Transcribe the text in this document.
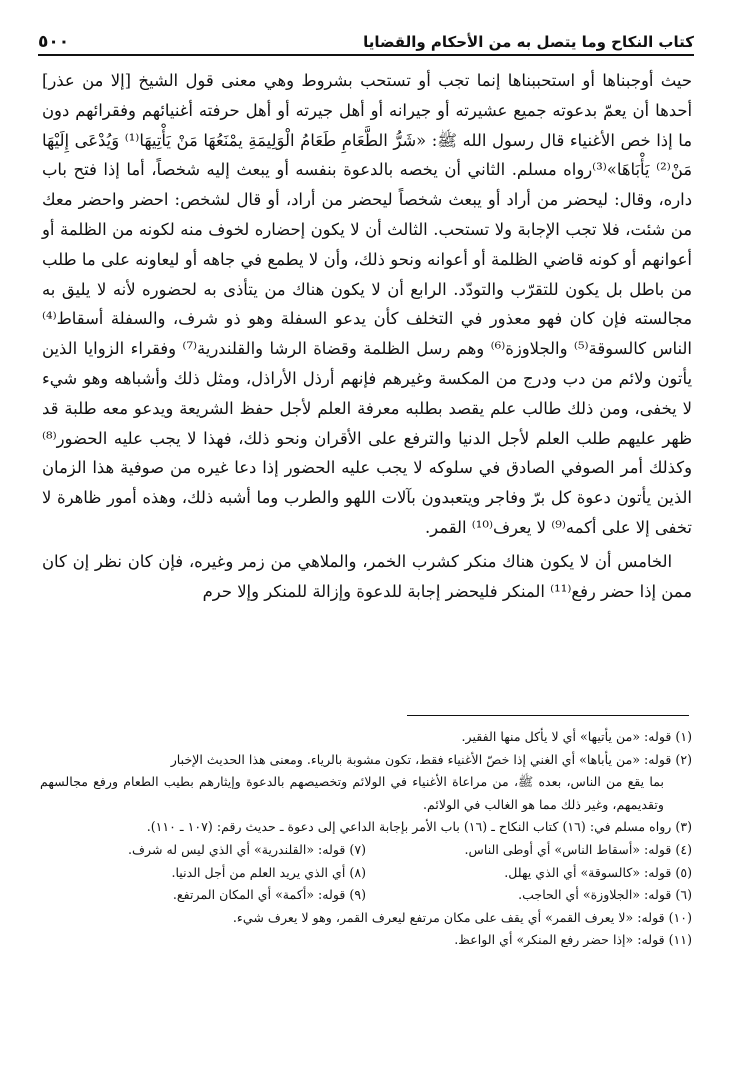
٥٠٠	كتاب النكاح وما يتصل به من الأحكام والقضايا

حيث أوجبناها أو استحببناها إنما تجب أو تستحب بشروط وهي معنى قول الشيخ [إلا من عذر] أحدها أن يعمّ بدعوته جميع عشيرته أو جيرانه أو أهل جيرته أو أهل حرفته أغنيائهم وفقرائهم دون ما إذا خص الأغنياء قال رسول الله ﷺ: «شَرُّ الطَّعَامِ طَعَامُ الْوَلِيمَةِ يمْنَعُهَا مَنْ يَأْتِيهَا⁽¹⁾ وَيُدْعَى إِلَيْهَا مَنْ⁽²⁾ يَأْبَاهَا»⁽³⁾رواه مسلم. الثاني أن يخصه بالدعوة بنفسه أو يبعث إليه شخصاً، أما إذا فتح باب داره، وقال: ليحضر من أراد أو يبعث شخصاً ليحضر من أراد، أو قال لشخص: احضر واحضر معك من شئت، فلا تجب الإجابة ولا تستحب. الثالث أن لا يكون إحضاره لخوف منه لكونه من الظلمة أو أعوانهم أو كونه قاضي الظلمة أو أعوانه ونحو ذلك، وأن لا يطمع في جاهه أو ليعاونه على ما طلب من باطل بل يكون للتقرّب والتودّد. الرابع أن لا يكون هناك من يتأذى به لحضوره لأنه لا يليق به مجالسته فإن كان فهو معذور في التخلف كأن يدعو السفلة وهو ذو شرف، والسفلة أسقاط⁽⁴⁾ الناس كالسوقة⁽⁵⁾ والجلاوزة⁽⁶⁾ وهم رسل الظلمة وقضاة الرشا والقلندرية⁽⁷⁾ وفقراء الزوايا الذين يأتون ولائم من دب ودرج من المكسة وغيرهم فإنهم أرذل الأراذل، ومثل ذلك وأشباهه وهو شيء لا يخفى، ومن ذلك طالب علم يقصد بطلبه معرفة العلم لأجل حفظ الشريعة ويدعو معه طلبة قد ظهر عليهم طلب العلم لأجل الدنيا والترفع على الأقران ونحو ذلك، فهذا لا يجب عليه الحضور⁽⁸⁾ وكذلك أمر الصوفي الصادق في سلوكه لا يجب عليه الحضور إذا دعا غيره من صوفية هذا الزمان الذين يأتون دعوة كل برّ وفاجر ويتعبدون بآلات اللهو والطرب وما أشبه ذلك، وهذه أمور ظاهرة لا تخفى إلا على أكمه⁽⁹⁾ لا يعرف⁽¹⁰⁾ القمر.

الخامس أن لا يكون هناك منكر كشرب الخمر، والملاهي من زمر وغيره، فإن كان نظر إن كان ممن إذا حضر رفع⁽¹¹⁾ المنكر فليحضر إجابة للدعوة وإزالة للمنكر وإلا حرم

(١) قوله: «من يأتيها» أي لا يأكل منها الفقير.

(٢) قوله: «من يأباها» أي الغني إذا خصّ الأغنياء فقط، تكون مشوبة بالرياء. ومعنى هذا الحديث الإخبار
بما يقع من الناس، بعده ﷺ، من مراعاة الأغنياء في الولائم وتخصيصهم بالدعوة وإيثارهم بطيب الطعام ورفع مجالسهم وتقديمهم، وغير ذلك مما هو الغالب في الولائم.

(٣) رواه مسلم في: (١٦) كتاب النكاح ـ (١٦) باب الأمر بإجابة الداعي إلى دعوة ـ حديث رقم: (١٠٧ ـ ١١٠).

(٤) قوله: «أسقاط الناس» أي أوطى الناس.
(٧) قوله: «القلندرية» أي الذي ليس له شرف.
(٥) قوله: «كالسوقة» أي الذي يهلل.
(٨) أي الذي يريد العلم من أجل الدنيا.
(٦) قوله: «الجلاوزة» أي الحاجب.
(٩) قوله: «أكمة» أي المكان المرتفع.

(١٠) قوله: «لا يعرف القمر» أي يقف على مكان مرتفع ليعرف القمر، وهو لا يعرف شيء.

(١١) قوله: «إذا حضر رفع المنكر» أي الواعظ.
